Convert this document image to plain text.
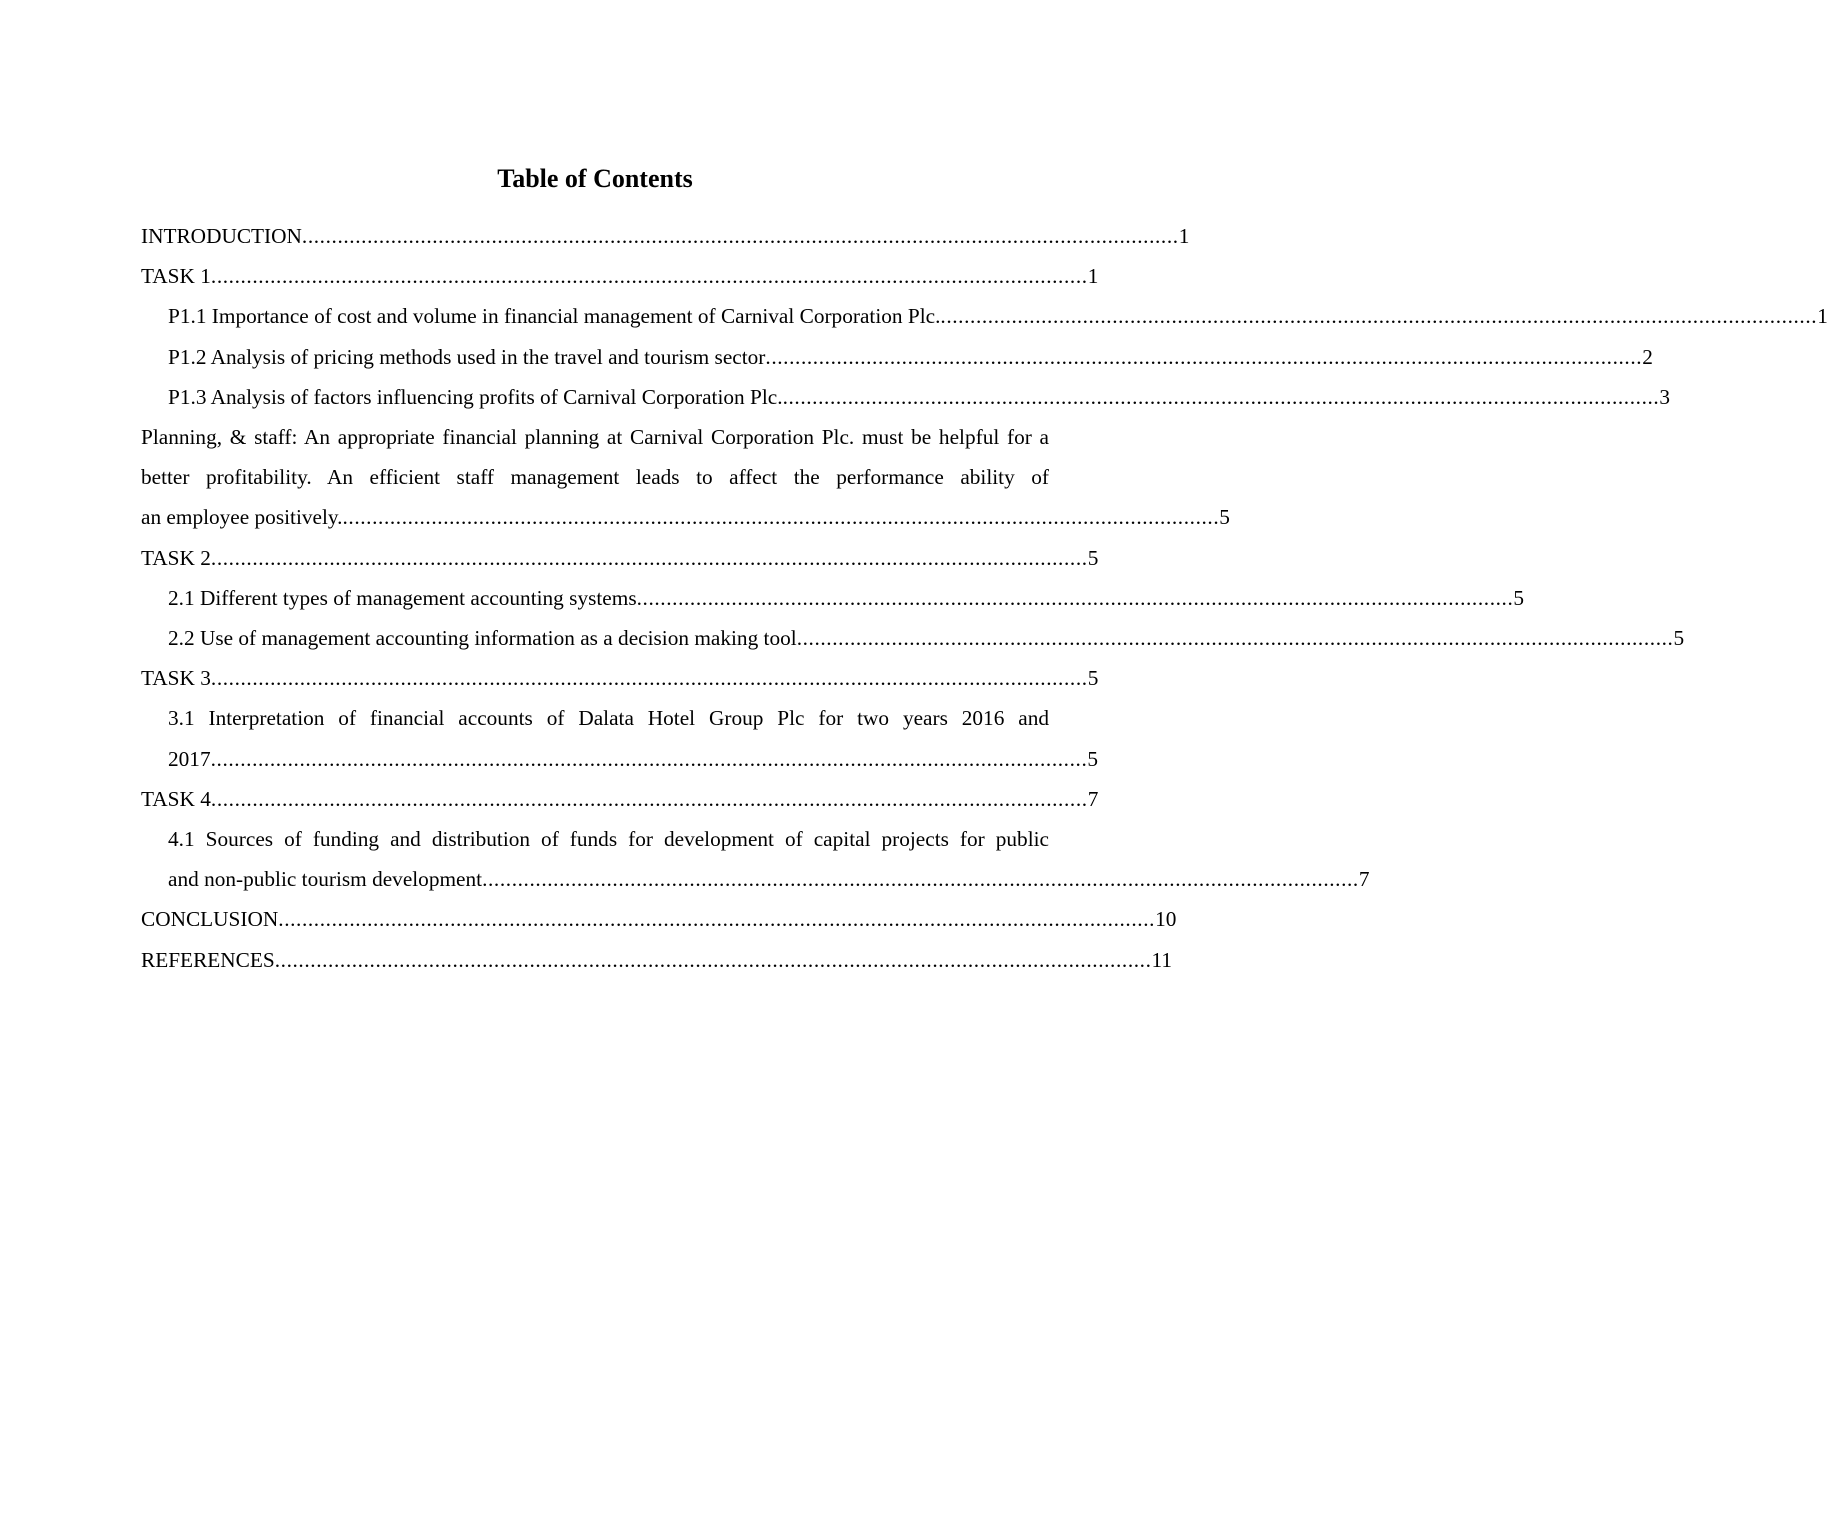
Table of Contents
INTRODUCTION .................................................................................................................................................... 1
TASK 1 .................................................................................................................................................... 1
P1.1 Importance of cost and volume in financial management of Carnival Corporation Plc. .................................................................................................................................................... 1
P1.2 Analysis of pricing methods used in the travel and tourism sector .................................................................................................................................................... 2
P1.3 Analysis of factors influencing profits of Carnival Corporation Plc. .................................................................................................................................................... 3
Planning, & staff: An appropriate financial planning at Carnival Corporation Plc. must be helpful for a better profitability. An efficient staff management leads to affect the performance ability of
an employee positively. .................................................................................................................................................... 5
TASK 2 .................................................................................................................................................... 5
2.1 Different types of management accounting systems .................................................................................................................................................... 5
2.2 Use of management accounting information as a decision making tool .................................................................................................................................................... 5
TASK 3 .................................................................................................................................................... 5
3.1 Interpretation of financial accounts of Dalata Hotel Group Plc for two years 2016 and
2017 .................................................................................................................................................... 5
TASK 4 .................................................................................................................................................... 7
4.1 Sources of funding and distribution of funds for development of capital projects for public
and non-public tourism development .................................................................................................................................................... 7
CONCLUSION .................................................................................................................................................... 10
REFERENCES .................................................................................................................................................... 11
